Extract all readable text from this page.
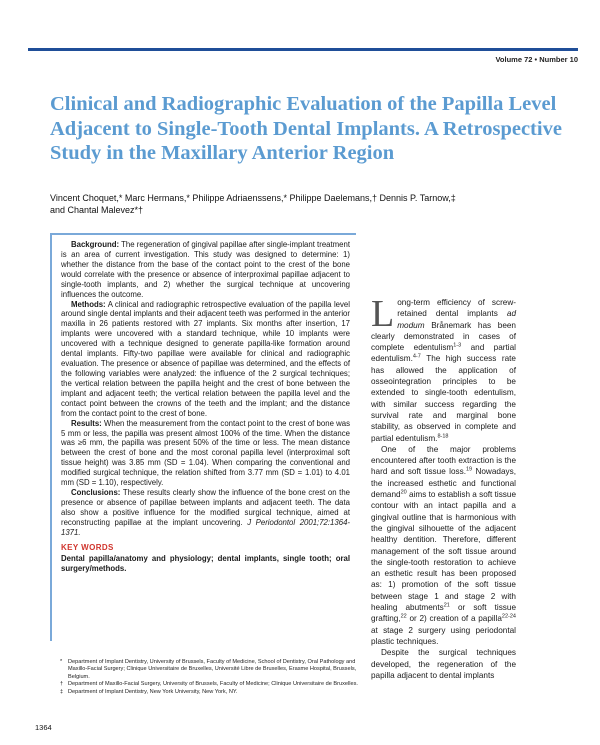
Volume 72 • Number 10
Clinical and Radiographic Evaluation of the Papilla Level Adjacent to Single-Tooth Dental Implants. A Retrospective Study in the Maxillary Anterior Region
Vincent Choquet,* Marc Hermans,* Philippe Adriaenssens,* Philippe Daelemans,† Dennis P. Tarnow,‡
and Chantal Malevez*†

Background: The regeneration of gingival papillae after single-implant treatment is an area of current investigation. This study was designed to determine: 1) whether the distance from the base of the contact point to the crest of the bone would correlate with the presence or absence of interproximal papillae adjacent to single-tooth implants, and 2) whether the surgical technique at uncovering influences the outcome.

Methods: A clinical and radiographic retrospective evaluation of the papilla level around single dental implants and their adjacent teeth was performed in the anterior maxilla in 26 patients restored with 27 implants. Six months after insertion, 17 implants were uncovered with a standard technique, while 10 implants were uncovered with a technique designed to generate papilla-like formation around dental implants. Fifty-two papillae were available for clinical and radiographic evaluation. The presence or absence of papillae was determined, and the effects of the following variables were analyzed: the influence of the 2 surgical techniques; the vertical relation between the papilla height and the crest of bone between the implant and adjacent teeth; the vertical relation between the papilla level and the contact point between the crowns of the teeth and the implant; and the distance from the contact point to the crest of bone.

Results: When the measurement from the contact point to the crest of bone was 5 mm or less, the papilla was present almost 100% of the time. When the distance was ≥6 mm, the papilla was present 50% of the time or less. The mean distance between the crest of bone and the most coronal papilla level (interproximal soft tissue height) was 3.85 mm (SD = 1.04). When comparing the conventional and modified surgical technique, the relation shifted from 3.77 mm (SD = 1.01) to 4.01 mm (SD = 1.10), respectively.

Conclusions: These results clearly show the influence of the bone crest on the presence or absence of papillae between implants and adjacent teeth. The data also show a positive influence for the modified surgical technique, aimed at reconstructing papillae at the implant uncovering. J Periodontol 2001;72:1364-1371.

KEY WORDS

Dental papilla/anatomy and physiology; dental implants, single tooth; oral surgery/methods.

*	Department of Implant Dentistry, University of Brussels, Faculty of Medicine, School of Dentistry, Oral Pathology and Maxillo-Facial Surgery; Clinique Universitaire de Bruxelles, Université Libre de Bruxelles, Erasme Hospital, Brussels, Belgium.
† Department of Maxillo-Facial Surgery, University of Brussels, Faculty of Medicine; Clinique Universitaire de Bruxelles.
‡ Department of Implant Dentistry, New York University, New York, NY.
1364

Long-term efficiency of screw-retained dental implants ad modum Brånemark has been clearly demonstrated in cases of complete edentulism$^{1-3}$ and partial edentulism.$^{4-7}$ The high success rate has allowed the application of osseointegration principles to be extended to single-tooth edentulism, with similar success regarding the survival rate and marginal bone stability, as observed in complete and partial edentulism.$^{8-18}$

One of the major problems encountered after tooth extraction is the hard and soft tissue loss.$^{19}$ Nowadays, the increased esthetic and functional demand$^{20}$ aims to establish a soft tissue contour with an intact papilla and a gingival outline that is harmonious with the gingival silhouette of the adjacent healthy dentition. Therefore, different management of the soft tissue around the single-tooth restoration to achieve an esthetic result has been proposed as: 1) promotion of the soft tissue between stage 1 and stage 2 with healing abutments$^{21}$ or soft tissue grafting,$^{22}$ or 2) creation of a papilla$^{22-24}$ at stage 2 surgery using periodontal plastic techniques.

Despite the surgical techniques developed, the regeneration of the papilla adjacent to dental implants
